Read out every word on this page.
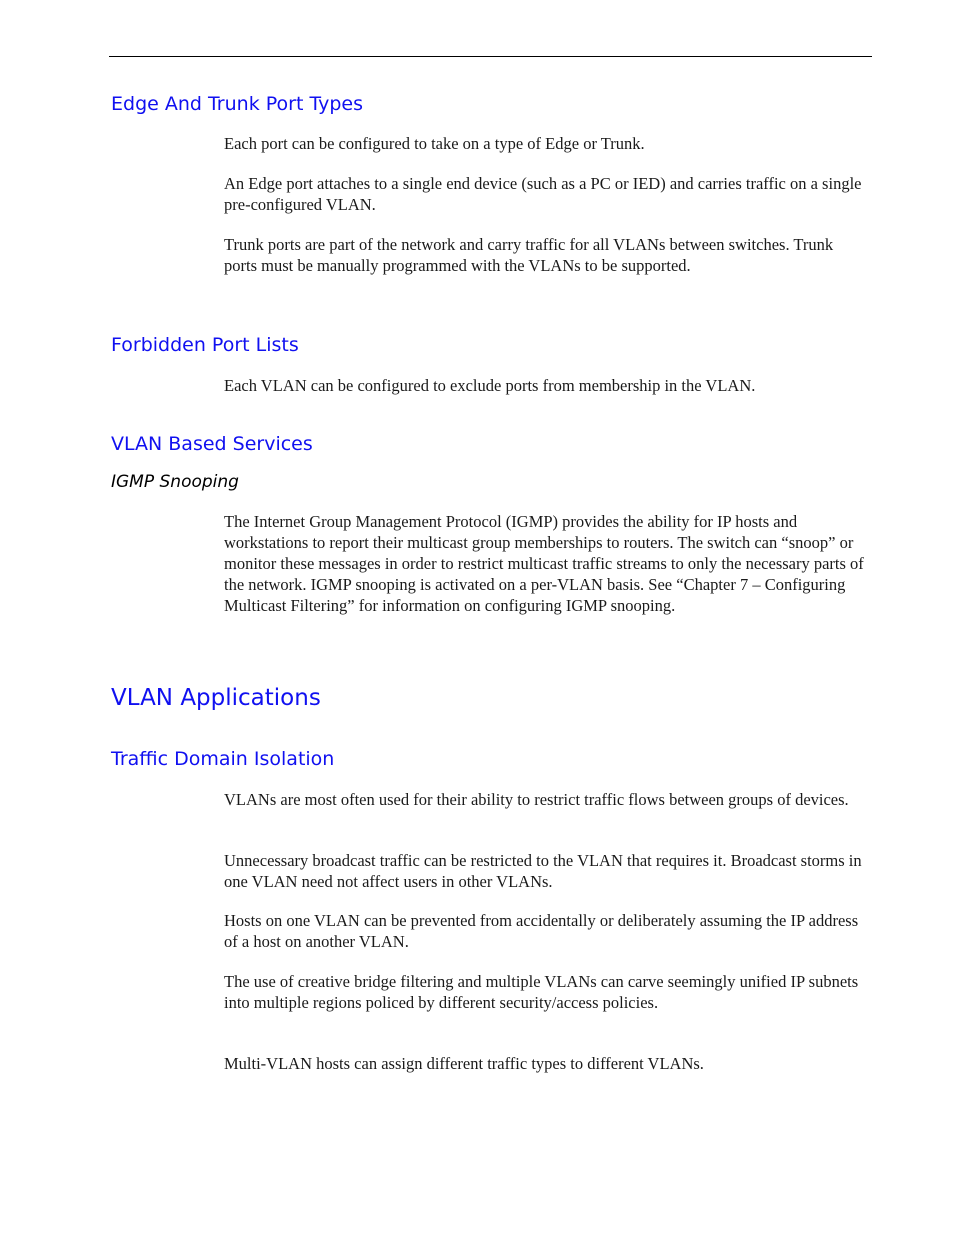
Edge And Trunk Port Types

Each port can be configured to take on a type of Edge or Trunk.

An Edge port attaches to a single end device (such as a PC or IED) and carries traffic on a single pre-configured VLAN.

Trunk ports are part of the network and carry traffic for all VLANs between switches. Trunk ports must be manually programmed with the VLANs to be supported.

Forbidden Port Lists

Each VLAN can be configured to exclude ports from membership in the VLAN.

VLAN Based Services
IGMP Snooping

The Internet Group Management Protocol (IGMP) provides the ability for IP hosts and workstations to report their multicast group memberships to routers. The switch can “snoop” or monitor these messages in order to restrict multicast traffic streams to only the necessary parts of the network. IGMP snooping is activated on a per-VLAN basis. See “Chapter 7 – Configuring Multicast Filtering” for information on configuring IGMP snooping.

VLAN Applications
Traffic Domain Isolation

VLANs are most often used for their ability to restrict traffic flows between groups of devices.

Unnecessary broadcast traffic can be restricted to the VLAN that requires it. Broadcast storms in one VLAN need not affect users in other VLANs.

Hosts on one VLAN can be prevented from accidentally or deliberately assuming the IP address of a host on another VLAN.

The use of creative bridge filtering and multiple VLANs can carve seemingly unified IP subnets into multiple regions policed by different security/access policies.

Multi-VLAN hosts can assign different traffic types to different VLANs.
